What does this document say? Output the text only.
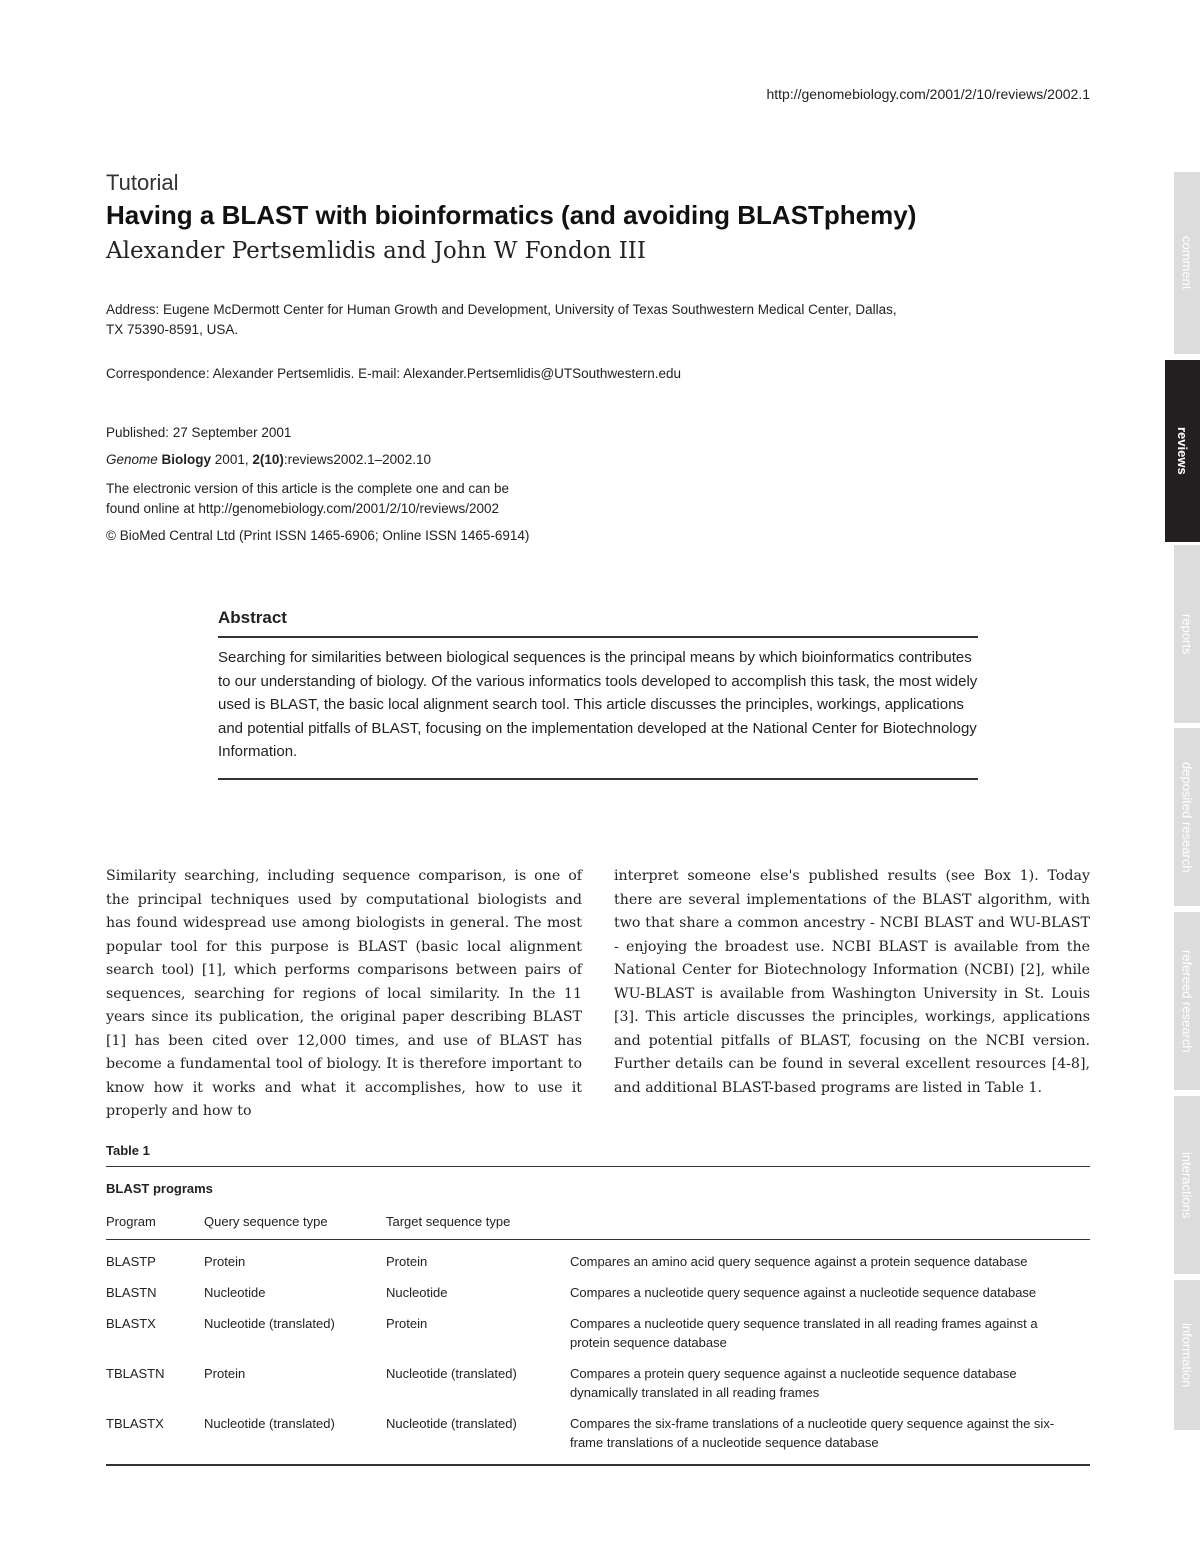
http://genomebiology.com/2001/2/10/reviews/2002.1
Tutorial
Having a BLAST with bioinformatics (and avoiding BLASTphemy)
Alexander Pertsemlidis and John W Fondon III
Address: Eugene McDermott Center for Human Growth and Development, University of Texas Southwestern Medical Center, Dallas,
TX 75390-8591, USA.
Correspondence: Alexander Pertsemlidis. E-mail: Alexander.Pertsemlidis@UTSouthwestern.edu
Published: 27 September 2001
Genome Biology 2001, 2(10):reviews2002.1–2002.10
The electronic version of this article is the complete one and can be
found online at http://genomebiology.com/2001/2/10/reviews/2002
© BioMed Central Ltd (Print ISSN 1465-6906; Online ISSN 1465-6914)
Abstract

Searching for similarities between biological sequences is the principal means by which bioinformatics contributes to our understanding of biology. Of the various informatics tools developed to accomplish this task, the most widely used is BLAST, the basic local alignment search tool. This article discusses the principles, workings, applications and potential pitfalls of BLAST, focusing on the implementation developed at the National Center for Biotechnology Information.

Similarity searching, including sequence comparison, is one of the principal techniques used by computational biologists and has found widespread use among biologists in general. The most popular tool for this purpose is BLAST (basic local alignment search tool) [1], which performs comparisons between pairs of sequences, searching for regions of local similarity. In the 11 years since its publication, the original paper describing BLAST [1] has been cited over 12,000 times, and use of BLAST has become a fundamental tool of biology. It is therefore important to know how it works and what it accomplishes, how to use it properly and how to

interpret someone else's published results (see Box 1). Today there are several implementations of the BLAST algorithm, with two that share a common ancestry - NCBI BLAST and WU-BLAST - enjoying the broadest use. NCBI BLAST is available from the National Center for Biotechnology Information (NCBI) [2], while WU-BLAST is available from Washington University in St. Louis [3]. This article discusses the principles, workings, applications and potential pitfalls of BLAST, focusing on the NCBI version. Further details can be found in several excellent resources [4-8], and additional BLAST-based programs are listed in Table 1.

Table 1
BLAST programs
Program	Query sequence type	Target sequence type
BLASTP	Protein	Protein	Compares an amino acid query sequence against a protein sequence database
BLASTN	Nucleotide	Nucleotide	Compares a nucleotide query sequence against a nucleotide sequence database
BLASTX	Nucleotide (translated)	Protein	Compares a nucleotide query sequence translated in all reading frames against a protein sequence database
TBLASTN	Protein	Nucleotide (translated)	Compares a protein query sequence against a nucleotide sequence database dynamically translated in all reading frames
TBLASTX	Nucleotide (translated)	Nucleotide (translated)	Compares the six-frame translations of a nucleotide query sequence against the six-frame translations of a nucleotide sequence database
comment
reviews
reports
deposited research
refereed research
interactions
information
